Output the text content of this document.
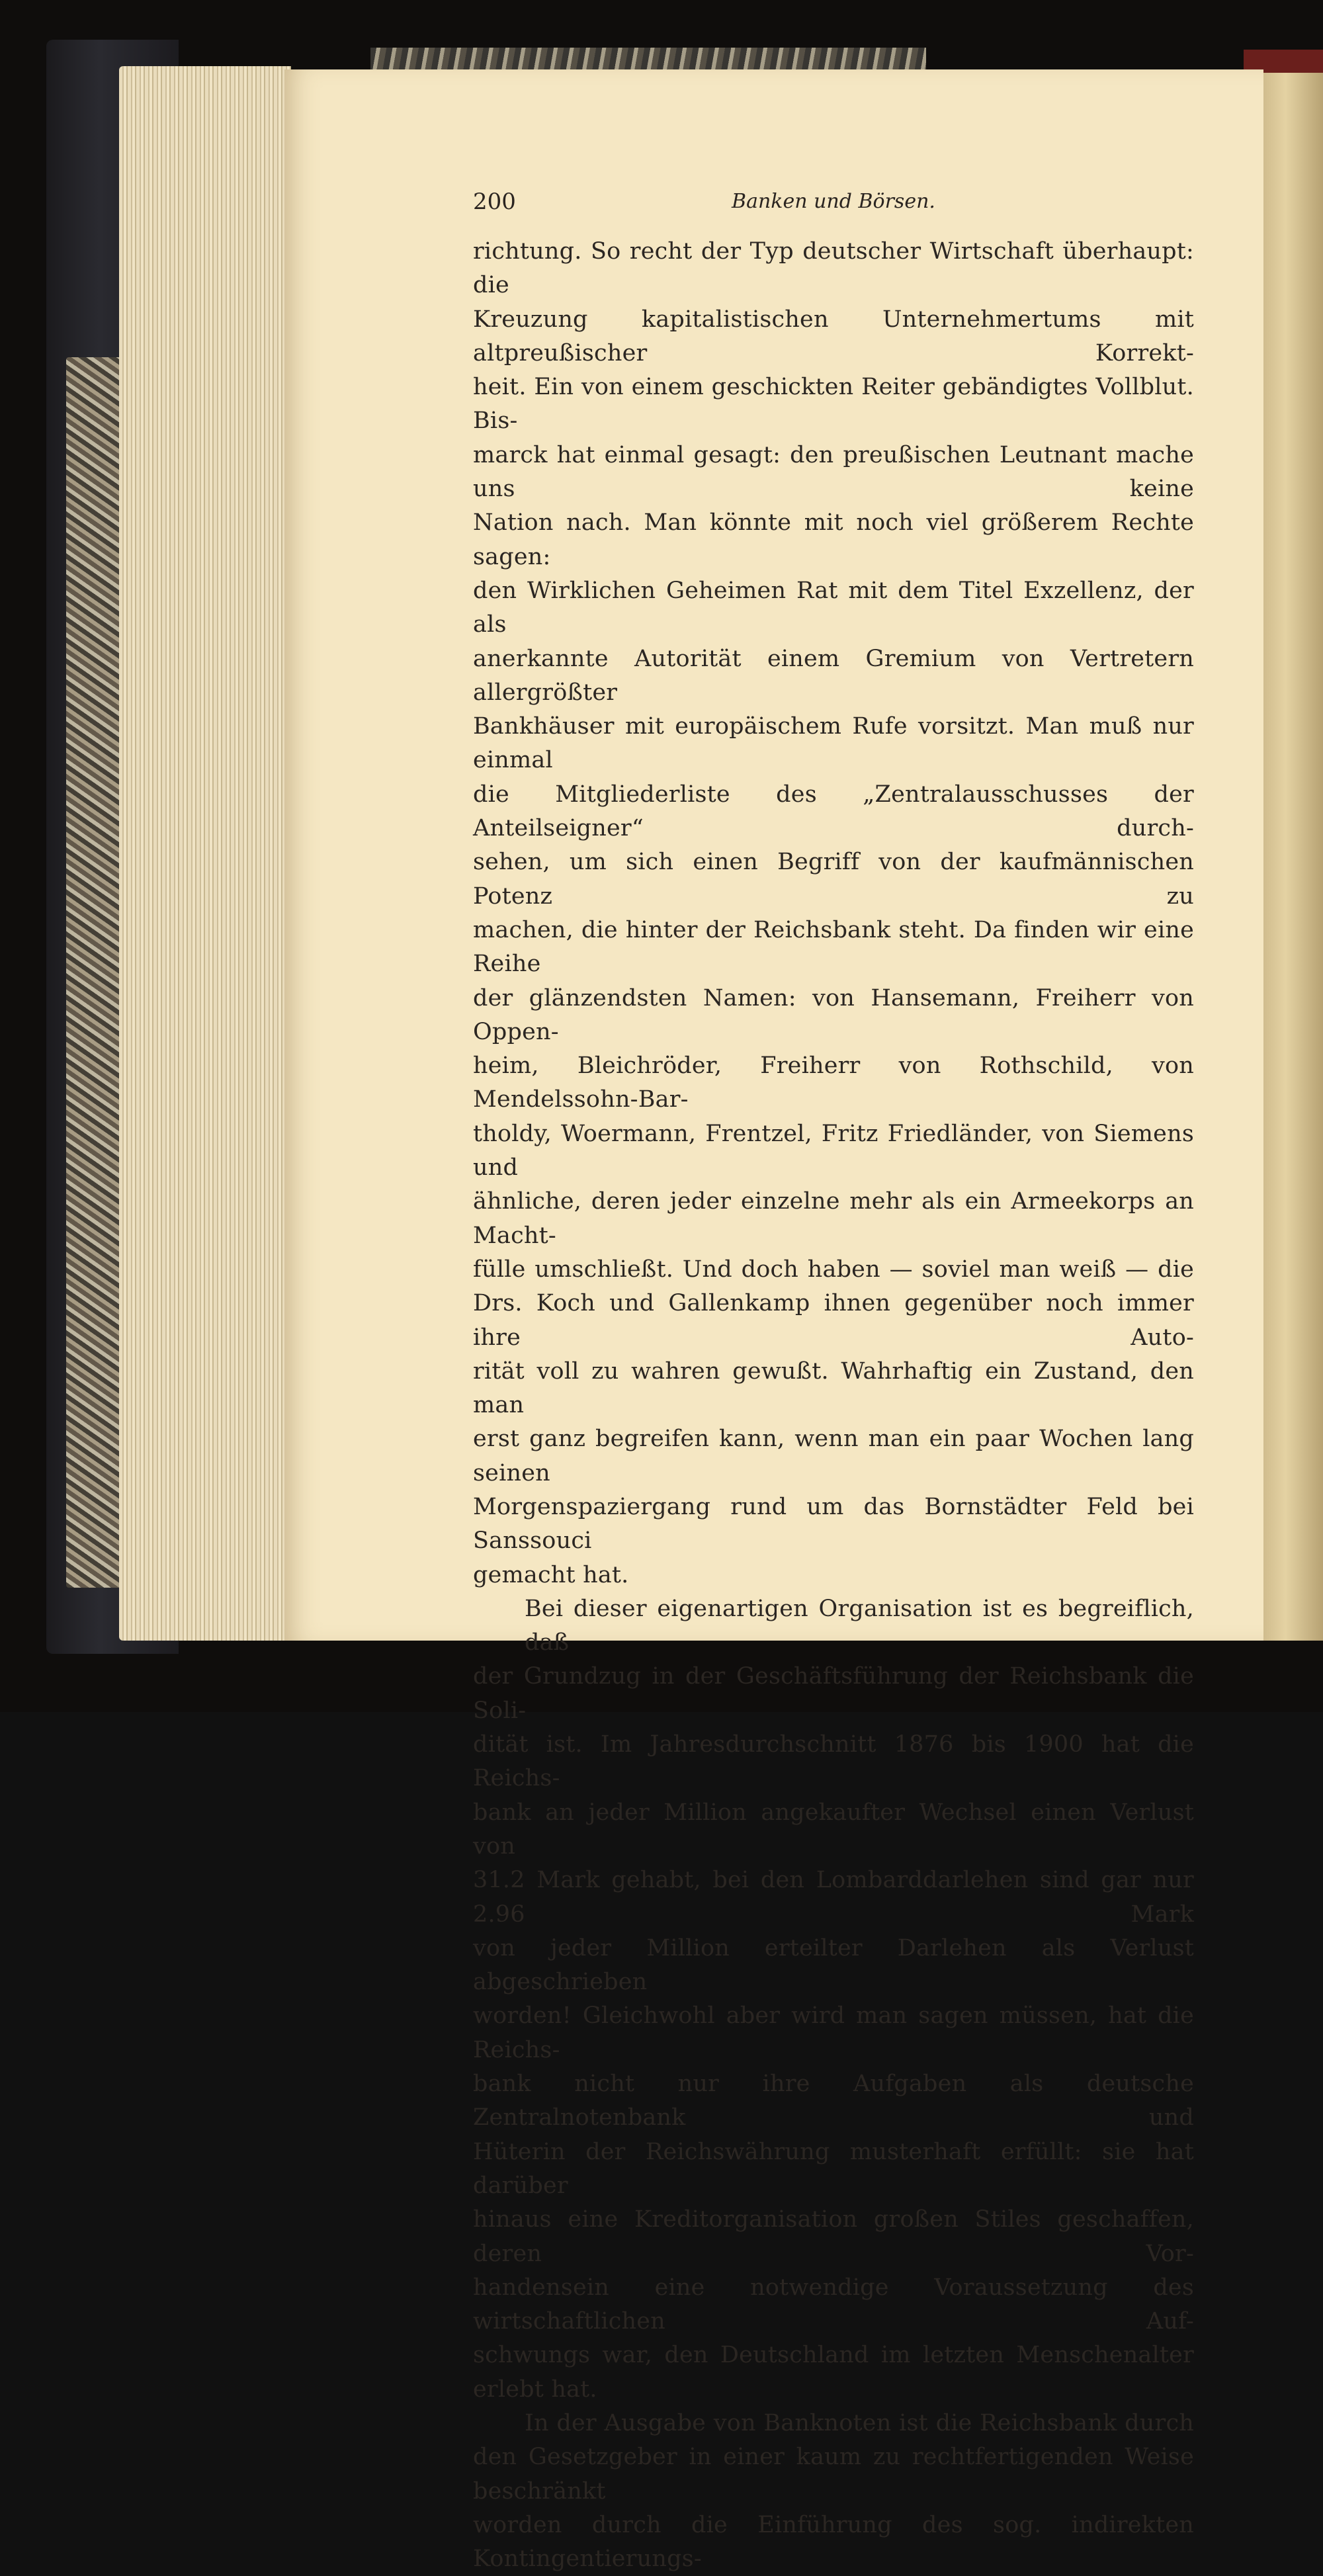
200	Banken und Börsen.

richtung. So recht der Typ deutscher Wirtschaft überhaupt: die

Kreuzung kapitalistischen Unternehmertums mit altpreußischer Korrekt-

heit. Ein von einem geschickten Reiter gebändigtes Vollblut. Bis-

marck hat einmal gesagt: den preußischen Leutnant mache uns keine

Nation nach. Man könnte mit noch viel größerem Rechte sagen:

den Wirklichen Geheimen Rat mit dem Titel Exzellenz, der als

anerkannte Autorität einem Gremium von Vertretern allergrößter

Bankhäuser mit europäischem Rufe vorsitzt. Man muß nur einmal

die Mitgliederliste des „Zentralausschusses der Anteilseigner“ durch-

sehen, um sich einen Begriff von der kaufmännischen Potenz zu

machen, die hinter der Reichsbank steht. Da finden wir eine Reihe

der glänzendsten Namen: von Hansemann, Freiherr von Oppen-

heim, Bleichröder, Freiherr von Rothschild, von Mendelssohn-Bar-

tholdy, Woermann, Frentzel, Fritz Friedländer, von Siemens und

ähnliche, deren jeder einzelne mehr als ein Armeekorps an Macht-

fülle umschließt. Und doch haben — soviel man weiß — die

Drs. Koch und Gallenkamp ihnen gegenüber noch immer ihre Auto-

rität voll zu wahren gewußt. Wahrhaftig ein Zustand, den man

erst ganz begreifen kann, wenn man ein paar Wochen lang seinen

Morgenspaziergang rund um das Bornstädter Feld bei Sanssouci

gemacht hat.

Bei dieser eigenartigen Organisation ist es begreiflich, daß

der Grundzug in der Geschäftsführung der Reichsbank die Soli-

dität ist. Im Jahresdurchschnitt 1876 bis 1900 hat die Reichs-

bank an jeder Million angekaufter Wechsel einen Verlust von

31.2 Mark gehabt, bei den Lombarddarlehen sind gar nur 2.96 Mark

von jeder Million erteilter Darlehen als Verlust abgeschrieben

worden! Gleichwohl aber wird man sagen müssen, hat die Reichs-

bank nicht nur ihre Aufgaben als deutsche Zentralnotenbank und

Hüterin der Reichswährung musterhaft erfüllt: sie hat darüber

hinaus eine Kreditorganisation großen Stiles geschaffen, deren Vor-

handensein eine notwendige Voraussetzung des wirtschaftlichen Auf-

schwungs war, den Deutschland im letzten Menschenalter erlebt hat.

In der Ausgabe von Banknoten ist die Reichsbank durch

den Gesetzgeber in einer kaum zu rechtfertigenden Weise beschränkt

worden durch die Einführung des sog. indirekten Kontingentierungs-
